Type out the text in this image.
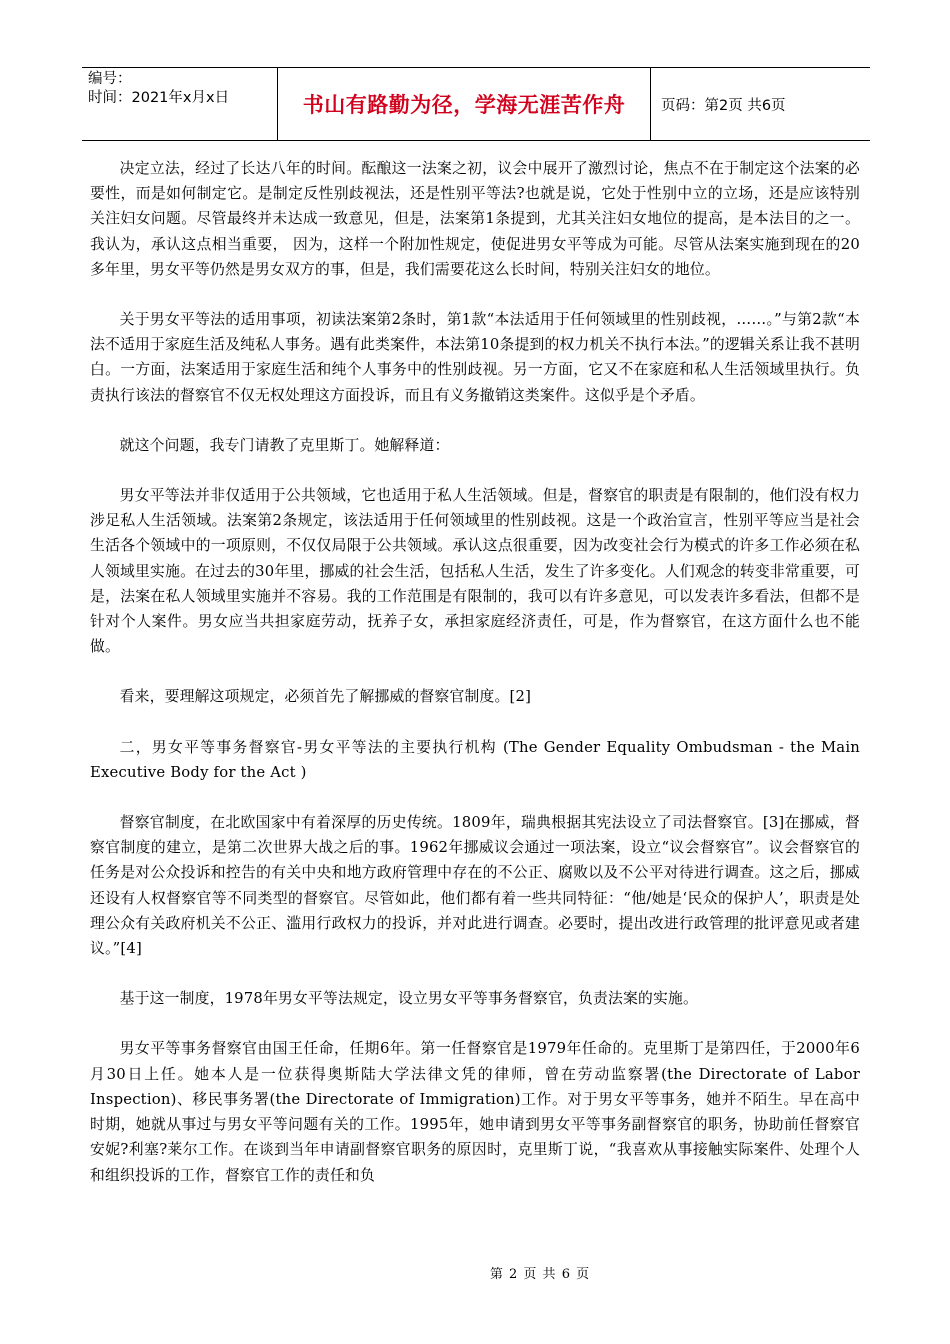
编号：
时间：2021年x月x日	书山有路勤为径，学海无涯苦作舟	页码：第2页 共6页

决定立法，经过了长达八年的时间。酝酿这一法案之初，议会中展开了激烈讨论，焦点不在于制定这个法案的必要性，而是如何制定它。是制定反性别歧视法，还是性别平等法?也就是说，它处于性别中立的立场，还是应该特别关注妇女问题。尽管最终并未达成一致意见，但是，法案第1条提到，尤其关注妇女地位的提高，是本法目的之一。我认为，承认这点相当重要， 因为，这样一个附加性规定，使促进男女平等成为可能。尽管从法案实施到现在的20多年里，男女平等仍然是男女双方的事，但是，我们需要花这么长时间，特别关注妇女的地位。

关于男女平等法的适用事项，初读法案第2条时，第1款“本法适用于任何领域里的性别歧视，……。”与第2款“本法不适用于家庭生活及纯私人事务。遇有此类案件，本法第10条提到的权力机关不执行本法。”的逻辑关系让我不甚明白。一方面，法案适用于家庭生活和纯个人事务中的性别歧视。另一方面，它又不在家庭和私人生活领域里执行。负责执行该法的督察官不仅无权处理这方面投诉，而且有义务撤销这类案件。这似乎是个矛盾。

就这个问题，我专门请教了克里斯丁。她解释道：

男女平等法并非仅适用于公共领域，它也适用于私人生活领域。但是，督察官的职责是有限制的，他们没有权力涉足私人生活领域。法案第2条规定，该法适用于任何领域里的性别歧视。这是一个政治宣言，性别平等应当是社会生活各个领域中的一项原则，不仅仅局限于公共领域。承认这点很重要，因为改变社会行为模式的许多工作必须在私人领域里实施。在过去的30年里，挪威的社会生活，包括私人生活，发生了许多变化。人们观念的转变非常重要，可是，法案在私人领域里实施并不容易。我的工作范围是有限制的，我可以有许多意见，可以发表许多看法，但都不是针对个人案件。男女应当共担家庭劳动，抚养子女，承担家庭经济责任，可是，作为督察官，在这方面什么也不能做。

看来，要理解这项规定，必须首先了解挪威的督察官制度。[2]

二，男女平等事务督察官-男女平等法的主要执行机构 (The Gender Equality Ombudsman - the Main Executive Body for the Act )

督察官制度，在北欧国家中有着深厚的历史传统。1809年，瑞典根据其宪法设立了司法督察官。[3]在挪威，督察官制度的建立，是第二次世界大战之后的事。1962年挪威议会通过一项法案，设立“议会督察官”。议会督察官的任务是对公众投诉和控告的有关中央和地方政府管理中存在的不公正、腐败以及不公平对待进行调查。这之后，挪威还设有人权督察官等不同类型的督察官。尽管如此，他们都有着一些共同特征：“他/她是‘民众的保护人’，职责是处理公众有关政府机关不公正、滥用行政权力的投诉，并对此进行调查。必要时，提出改进行政管理的批评意见或者建议。”[4]

基于这一制度，1978年男女平等法规定，设立男女平等事务督察官，负责法案的实施。

男女平等事务督察官由国王任命，任期6年。第一任督察官是1979年任命的。克里斯丁是第四任，于2000年6月30日上任。她本人是一位获得奥斯陆大学法律文凭的律师，曾在劳动监察署(the Directorate of Labor Inspection)、移民事务署(the Directorate of Immigration)工作。对于男女平等事务，她并不陌生。早在高中时期，她就从事过与男女平等问题有关的工作。1995年，她申请到男女平等事务副督察官的职务，协助前任督察官安妮?利塞?莱尔工作。在谈到当年申请副督察官职务的原因时，克里斯丁说，“我喜欢从事接触实际案件、处理个人和组织投诉的工作，督察官工作的责任和负

第 2 页 共 6 页
